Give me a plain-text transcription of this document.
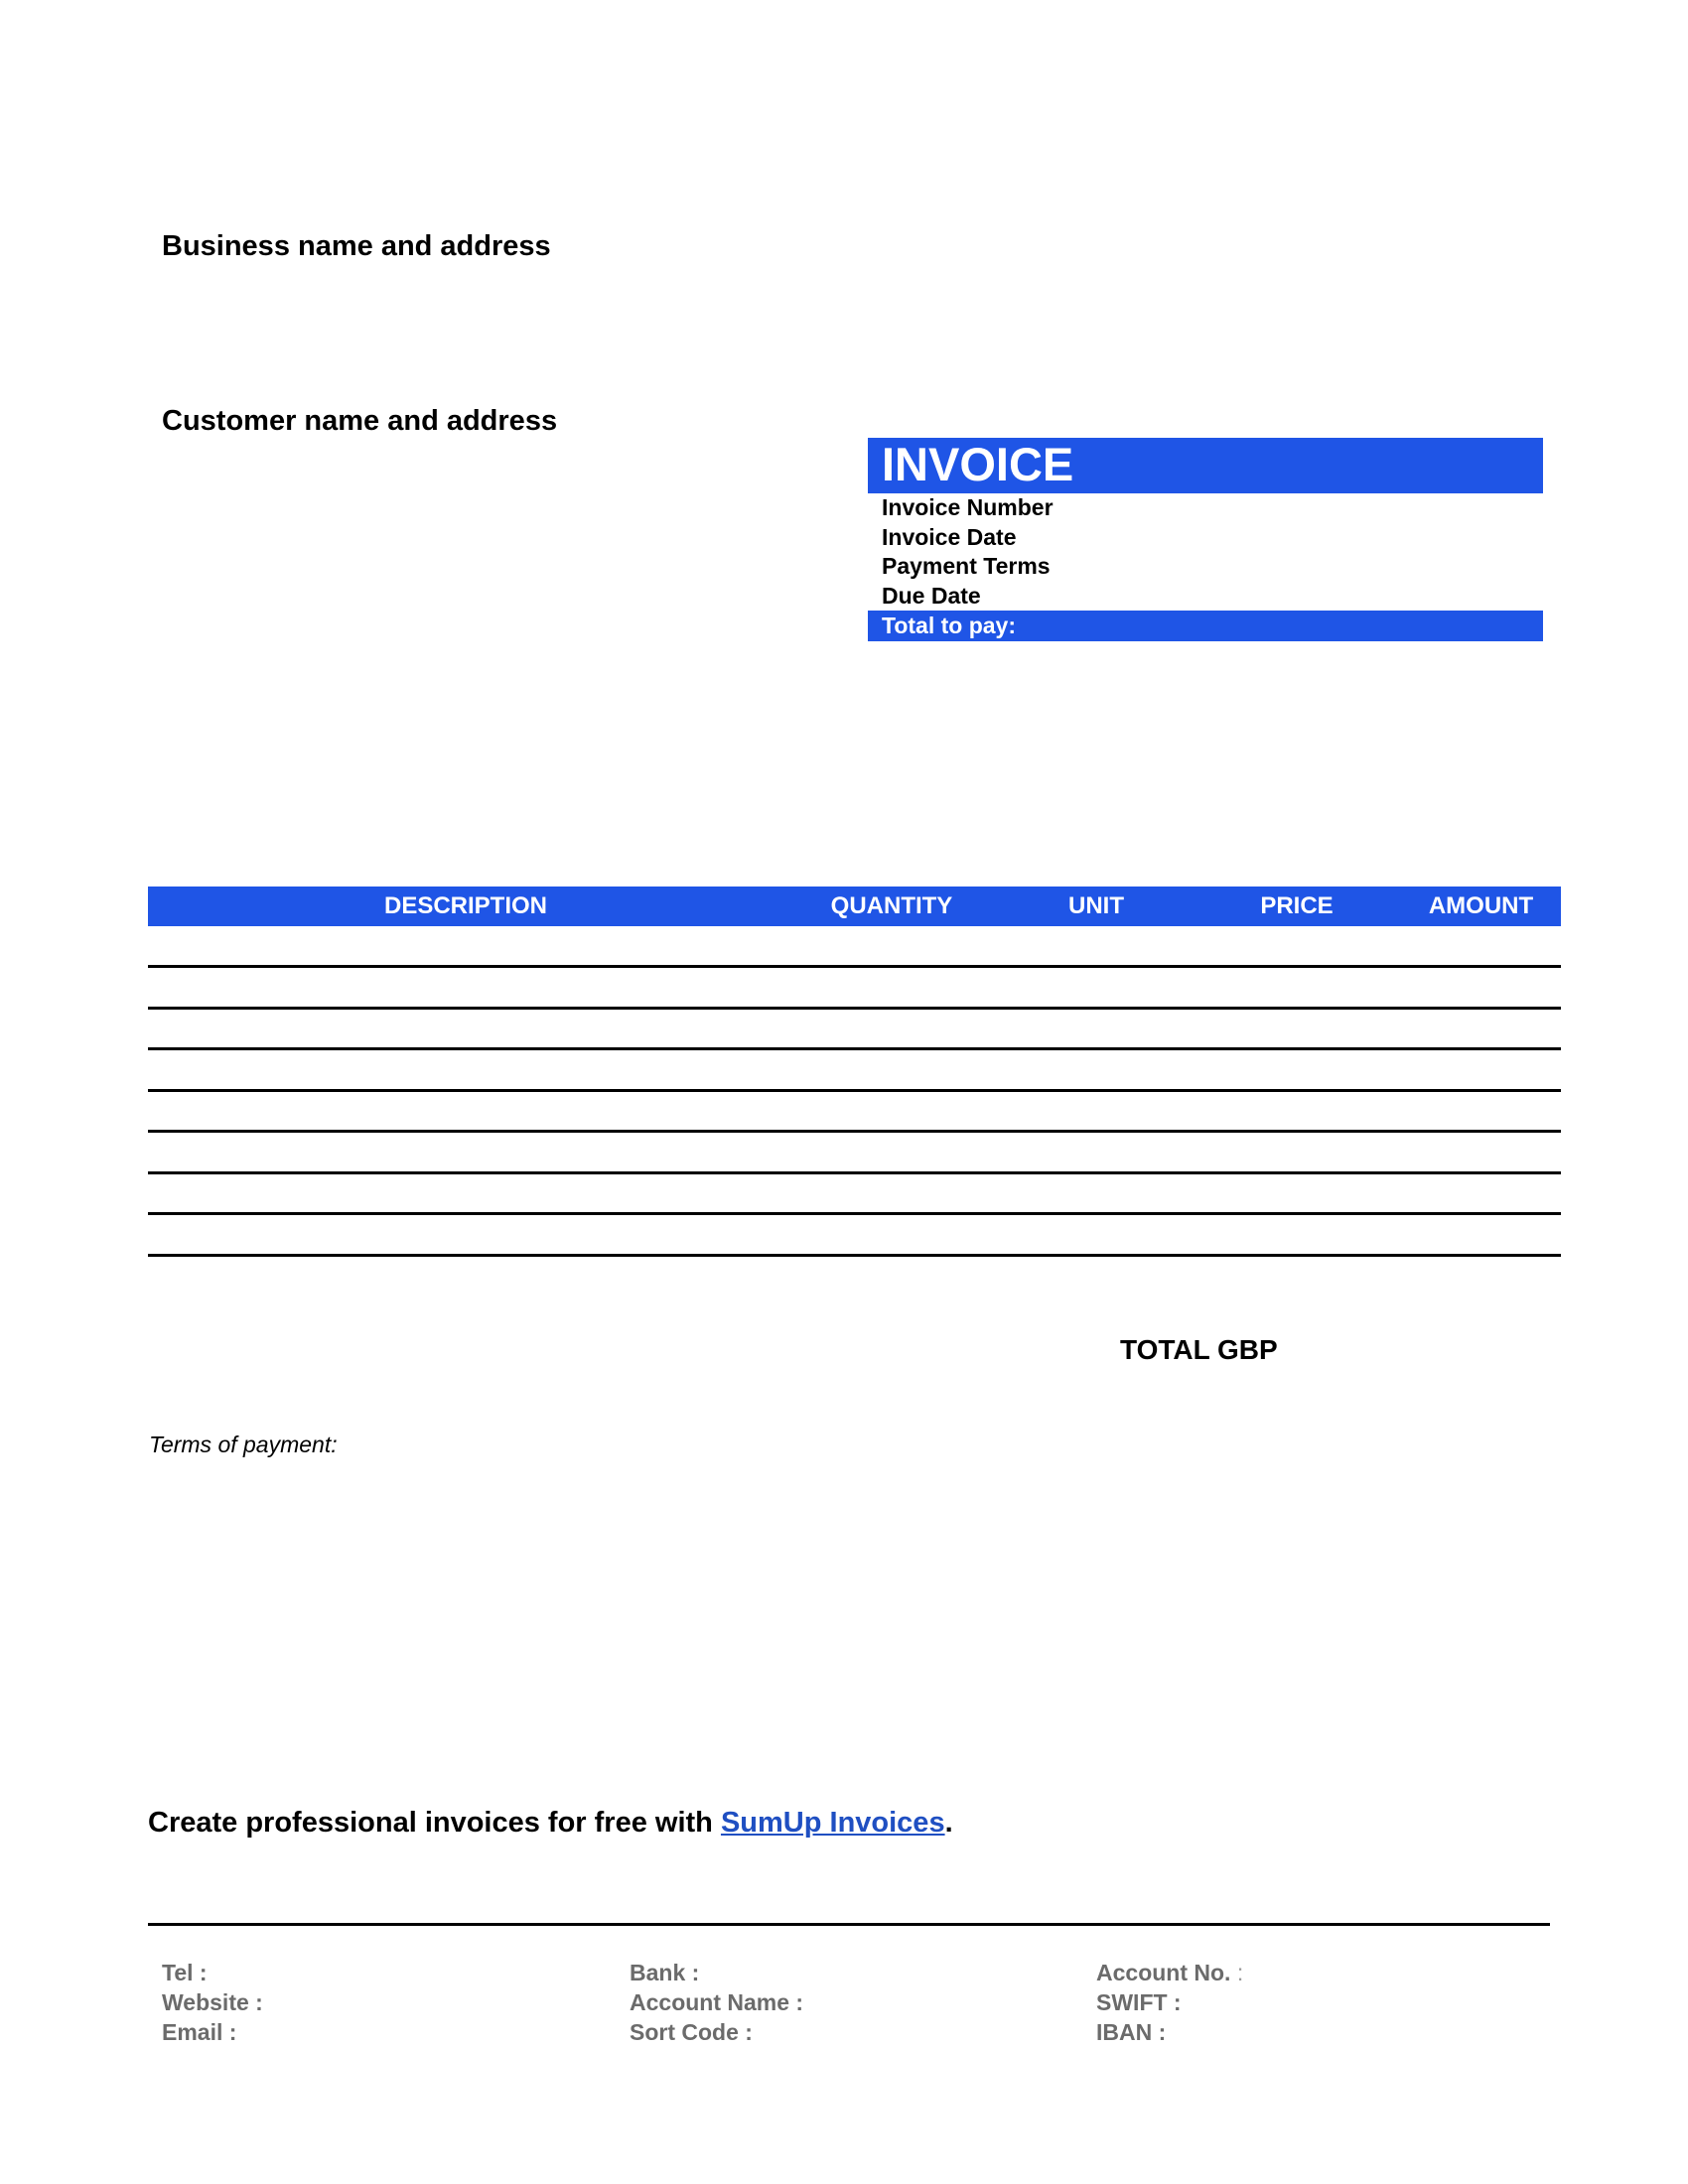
Business name and address
Customer name and address
INVOICE
Invoice Number
Invoice Date
Payment Terms
Due Date
Total to pay:
DESCRIPTION	QUANTITY	UNIT	PRICE	AMOUNT
TOTAL GBP
Terms of payment:
Create professional invoices for free with SumUp Invoices.
Tel :
Website :
Email :
Bank :
Account Name :
Sort Code :
Account No. :
SWIFT :
IBAN :
